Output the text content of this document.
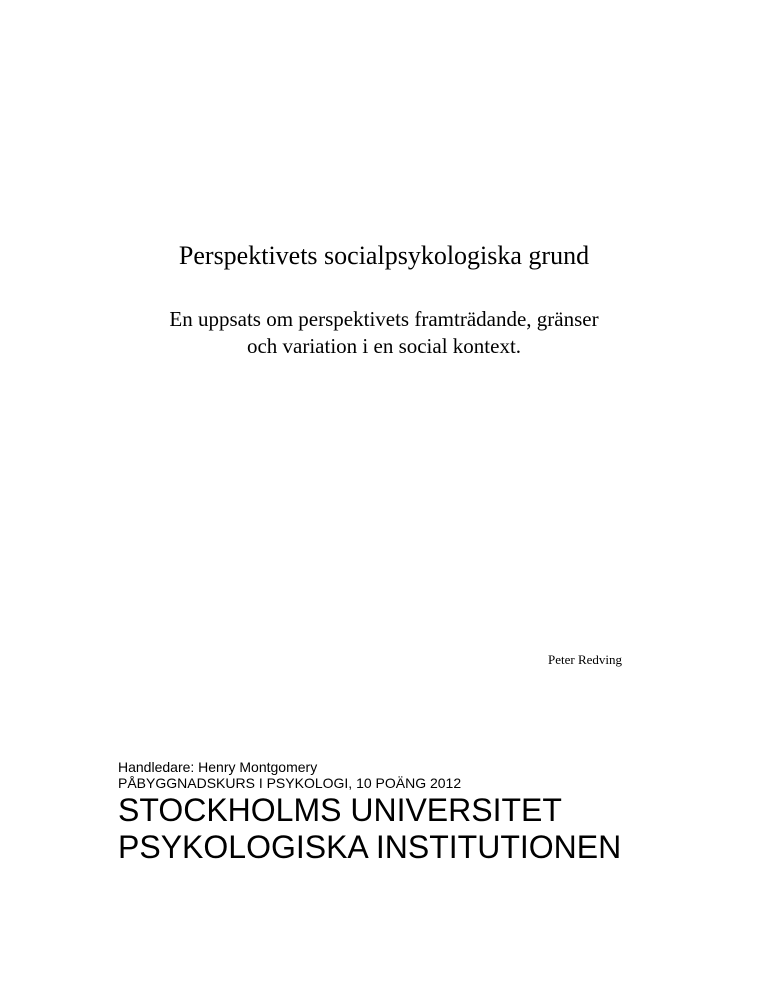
Perspektivets socialpsykologiska grund
En uppsats om perspektivets framträdande, gränser
och variation i en social kontext.
Peter Redving
Handledare: Henry Montgomery
PÅBYGGNADSKURS I PSYKOLOGI, 10 POÄNG 2012
STOCKHOLMS UNIVERSITET
PSYKOLOGISKA INSTITUTIONEN
